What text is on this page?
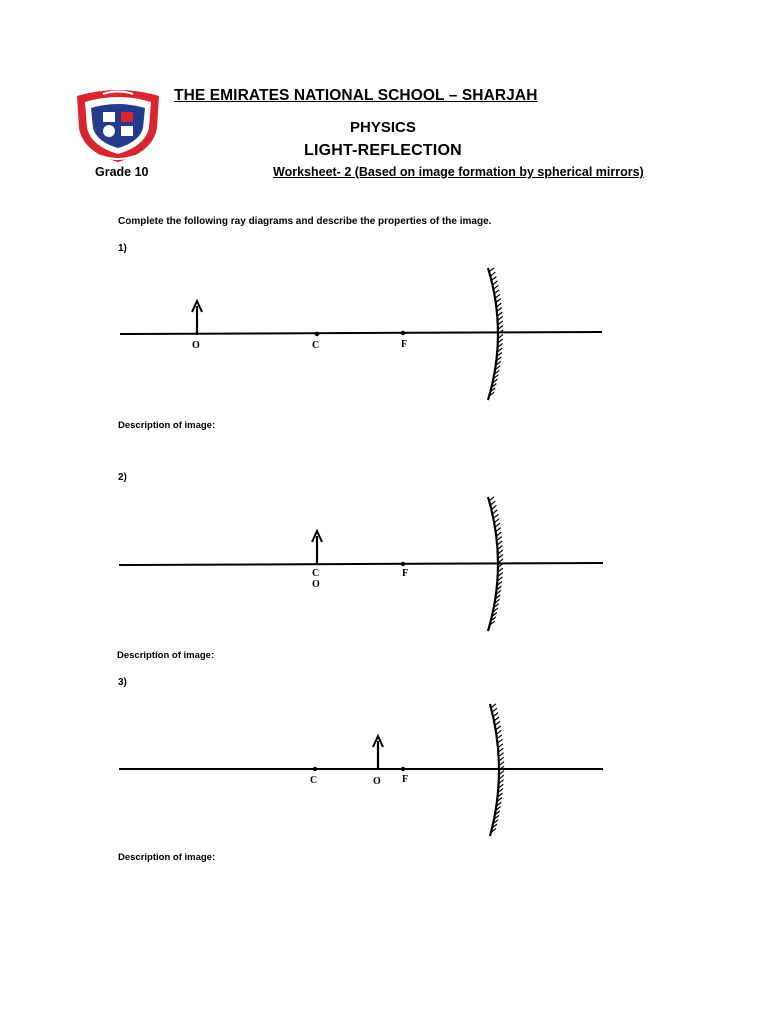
THE EMIRATES NATIONAL SCHOOL – SHARJAH
PHYSICS
LIGHT-REFLECTION
Grade 10	Worksheet- 2 (Based on image formation by spherical mirrors)
Complete the following ray diagrams and describe the properties of the image.
1)
O	C	F
Description of image:
2)
C
O
F
Description of image:
3)
C	O F
Description of image:
